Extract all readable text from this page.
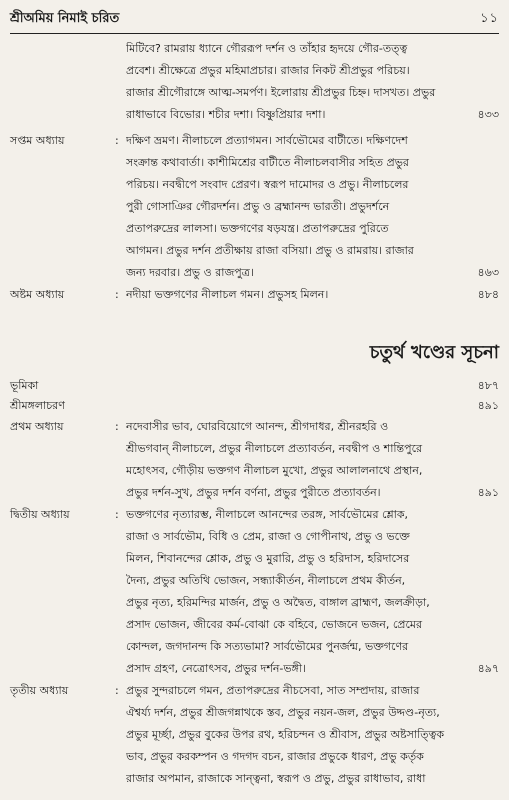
শ্রীঅমিয় নিমাই চরিত	১১
মিটিবে? রামরায় ধ্যানে গৌররূপ দর্শন ও তাঁহার হৃদয়ে গৌর-তত্ত্ব
প্রবেশ। শ্রীক্ষেত্রে প্রভুর মহিমাপ্রচার। রাজার নিকট শ্রীপ্রভুর পরিচয়।
রাজার শ্রীগৌরাঙ্গে আত্ম-সমর্পণ। ইলোরায় শ্রীপ্রভুর চিহ্ন। দাসখত। প্রভুর
রাধাভাবে বিভোর। শচীর দশা। বিষ্ণুপ্রিয়ার দশা।	৪৩৩
সপ্তম অধ্যায়	: দক্ষিণ ভ্রমণ। নীলাচলে প্রত্যাগমন। সার্বভৌমের বাটীতে। দক্ষিণদেশ
সংক্রান্ত কথাবার্তা। কাশীমিশ্রের বাটীতে নীলাচলবাসীর সহিত প্রভুর
পরিচয়। নবদ্বীপে সংবাদ প্রেরণ। স্বরূপ দামোদর ও প্রভু। নীলাচলের
পুরী গোসাঞির গৌরদর্শন। প্রভু ও ব্রহ্মানন্দ ভারতী। প্রভুদর্শনে
প্রতাপরুদ্রের লালসা। ভক্তগণের ষড়যন্ত্র। প্রতাপরুদ্রের পুরিতে
আগমন। প্রভুর দর্শন প্রতীক্ষায় রাজা বসিয়া। প্রভু ও রামরায়। রাজার
জন্য দরবার। প্রভু ও রাজপুত্র।	৪৬৩
অষ্টম অধ্যায়	: নদীয়া ভক্তগণের নীলাচল গমন। প্রভুসহ মিলন।	৪৮৪
চতুর্থ খণ্ডের সূচনা
ভূমিকা	৪৮৭
শ্রীমঙ্গলাচরণ	৪৯১
প্রথম অধ্যায়	: নদেবাসীর ভাব, ঘোরবিয়োগে আনন্দ, শ্রীগদাধর, শ্রীনরহরি ও
শ্রীভগবান্‌ নীলাচলে, প্রভুর নীলাচলে প্রত্যাবর্তন, নবদ্বীপ ও শান্তিপুরে
মহোৎসব, গৌড়ীয় ভক্তগণ নীলাচল মুখো, প্রভুর আলালনাথে প্রস্থান,
প্রভুর দর্শন-সুখ, প্রভুর দর্শন বর্ণনা, প্রভুর পুরীতে প্রত্যাবর্তন।	৪৯১
দ্বিতীয় অধ্যায়	: ভক্তগণের নৃত্যারম্ভ, নীলাচলে আনন্দের তরঙ্গ, সার্বভৌমের শ্লোক,
রাজা ও সার্বভৌম, বিধি ও প্রেম, রাজা ও গোপীনাথ, প্রভু ও ভক্তে
মিলন, শিবানন্দের শ্লোক, প্রভু ও মুরারি, প্রভু ও হরিদাস, হরিদাসের
দৈন্য, প্রভুর অতিথি ভোজন, সন্ধ্যাকীর্তন, নীলাচলে প্রথম কীর্তন,
প্রভুর নৃত্য, হরিমন্দির মার্জন, প্রভু ও অদ্বৈত, বাঙ্গাল ব্রাহ্মণ, জলক্রীড়া,
প্রসাদ ভোজন, জীবের কর্ম-বোঝা কে বহিবে, ভোজনে ভজন, প্রেমের
কোন্দল, জগদানন্দ কি সত্যভামা? সার্বভৌমের পুনর্জন্ম, ভক্তগণের
প্রসাদ গ্রহণ, নেত্রোৎসব, প্রভুর দর্শন-ভঙ্গী।	৪৯৭
তৃতীয় অধ্যায়	: প্রভুর সুন্দরাচলে গমন, প্রতাপরুদ্রের নীচসেবা, সাত সম্প্রদায়, রাজার
ঐশ্বর্য্য দর্শন, প্রভুর শ্রীজগন্নাথকে স্তব, প্রভুর নয়ন-জল, প্রভুর উদ্দণ্ড-নৃত্য,
প্রভুর মূর্চ্ছা, প্রভুর বুকের উপর রথ, হরিচন্দন ও শ্রীবাস, প্রভুর অষ্টসাত্ত্বিক
ভাব, প্রভুর করকম্পন ও গদগদ বচন, রাজার প্রভুকে ধারণ, প্রভু কর্তৃক
রাজার অপমান, রাজাকে সান্ত্বনা, স্বরূপ ও প্রভু, প্রভুর রাধাভাব, রাধা
